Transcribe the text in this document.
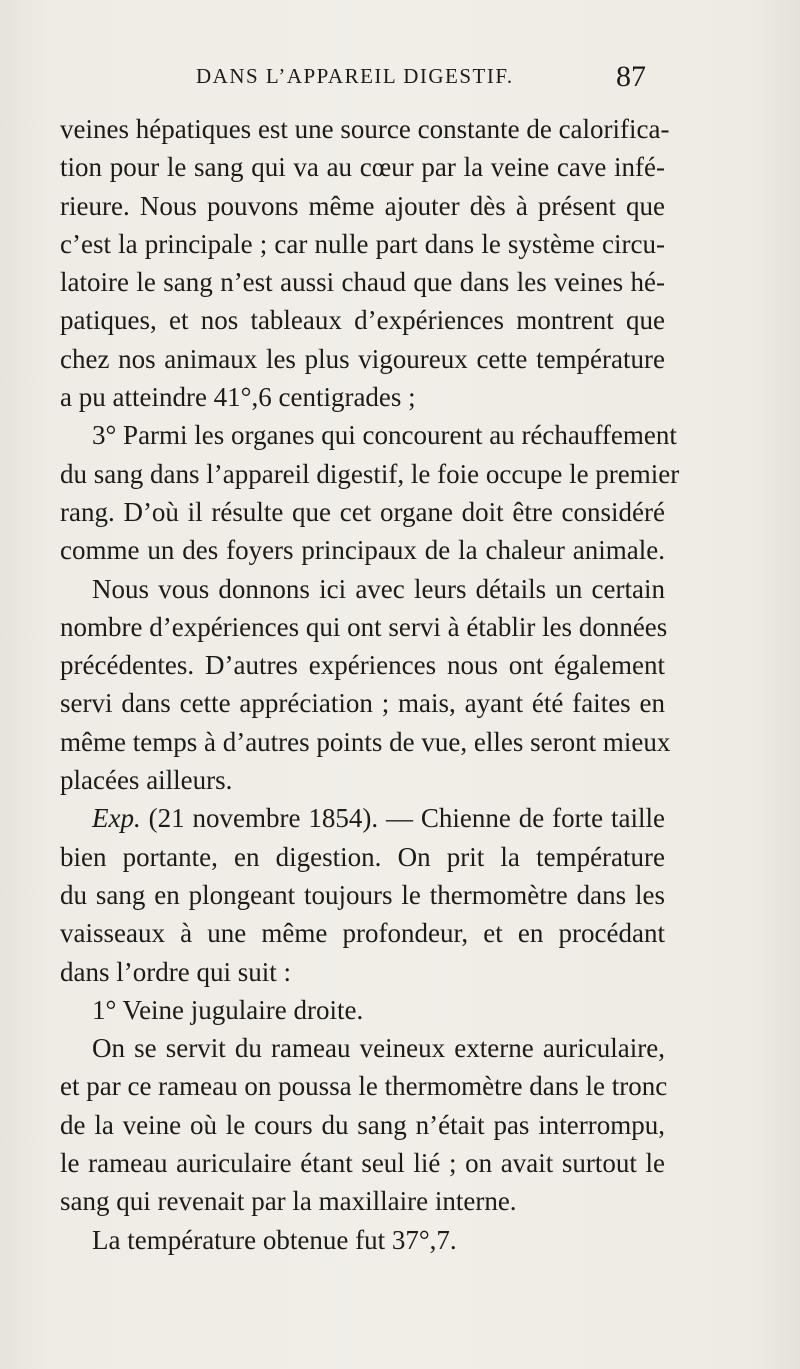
DANS L’APPAREIL DIGESTIF.	87
veines hépatiques est une source constante de calorifica-
tion pour le sang qui va au cœur par la veine cave infé-
rieure. Nous pouvons même ajouter dès à présent que
c’est la principale ; car nulle part dans le système circu-
latoire le sang n’est aussi chaud que dans les veines hé-
patiques, et nos tableaux d’expériences montrent que
chez nos animaux les plus vigoureux cette température
a pu atteindre 41°,6 centigrades ;
3° Parmi les organes qui concourent au réchauffement
du sang dans l’appareil digestif, le foie occupe le premier
rang. D’où il résulte que cet organe doit être considéré
comme un des foyers principaux de la chaleur animale.
Nous vous donnons ici avec leurs détails un certain
nombre d’expériences qui ont servi à établir les données
précédentes. D’autres expériences nous ont également
servi dans cette appréciation ; mais, ayant été faites en
même temps à d’autres points de vue, elles seront mieux
placées ailleurs.
Exp. (21 novembre 1854). — Chienne de forte taille
bien portante, en digestion. On prit la température
du sang en plongeant toujours le thermomètre dans les
vaisseaux à une même profondeur, et en procédant
dans l’ordre qui suit :
1° Veine jugulaire droite.
On se servit du rameau veineux externe auriculaire,
et par ce rameau on poussa le thermomètre dans le tronc
de la veine où le cours du sang n’était pas interrompu,
le rameau auriculaire étant seul lié ; on avait surtout le
sang qui revenait par la maxillaire interne.
La température obtenue fut 37°,7.
